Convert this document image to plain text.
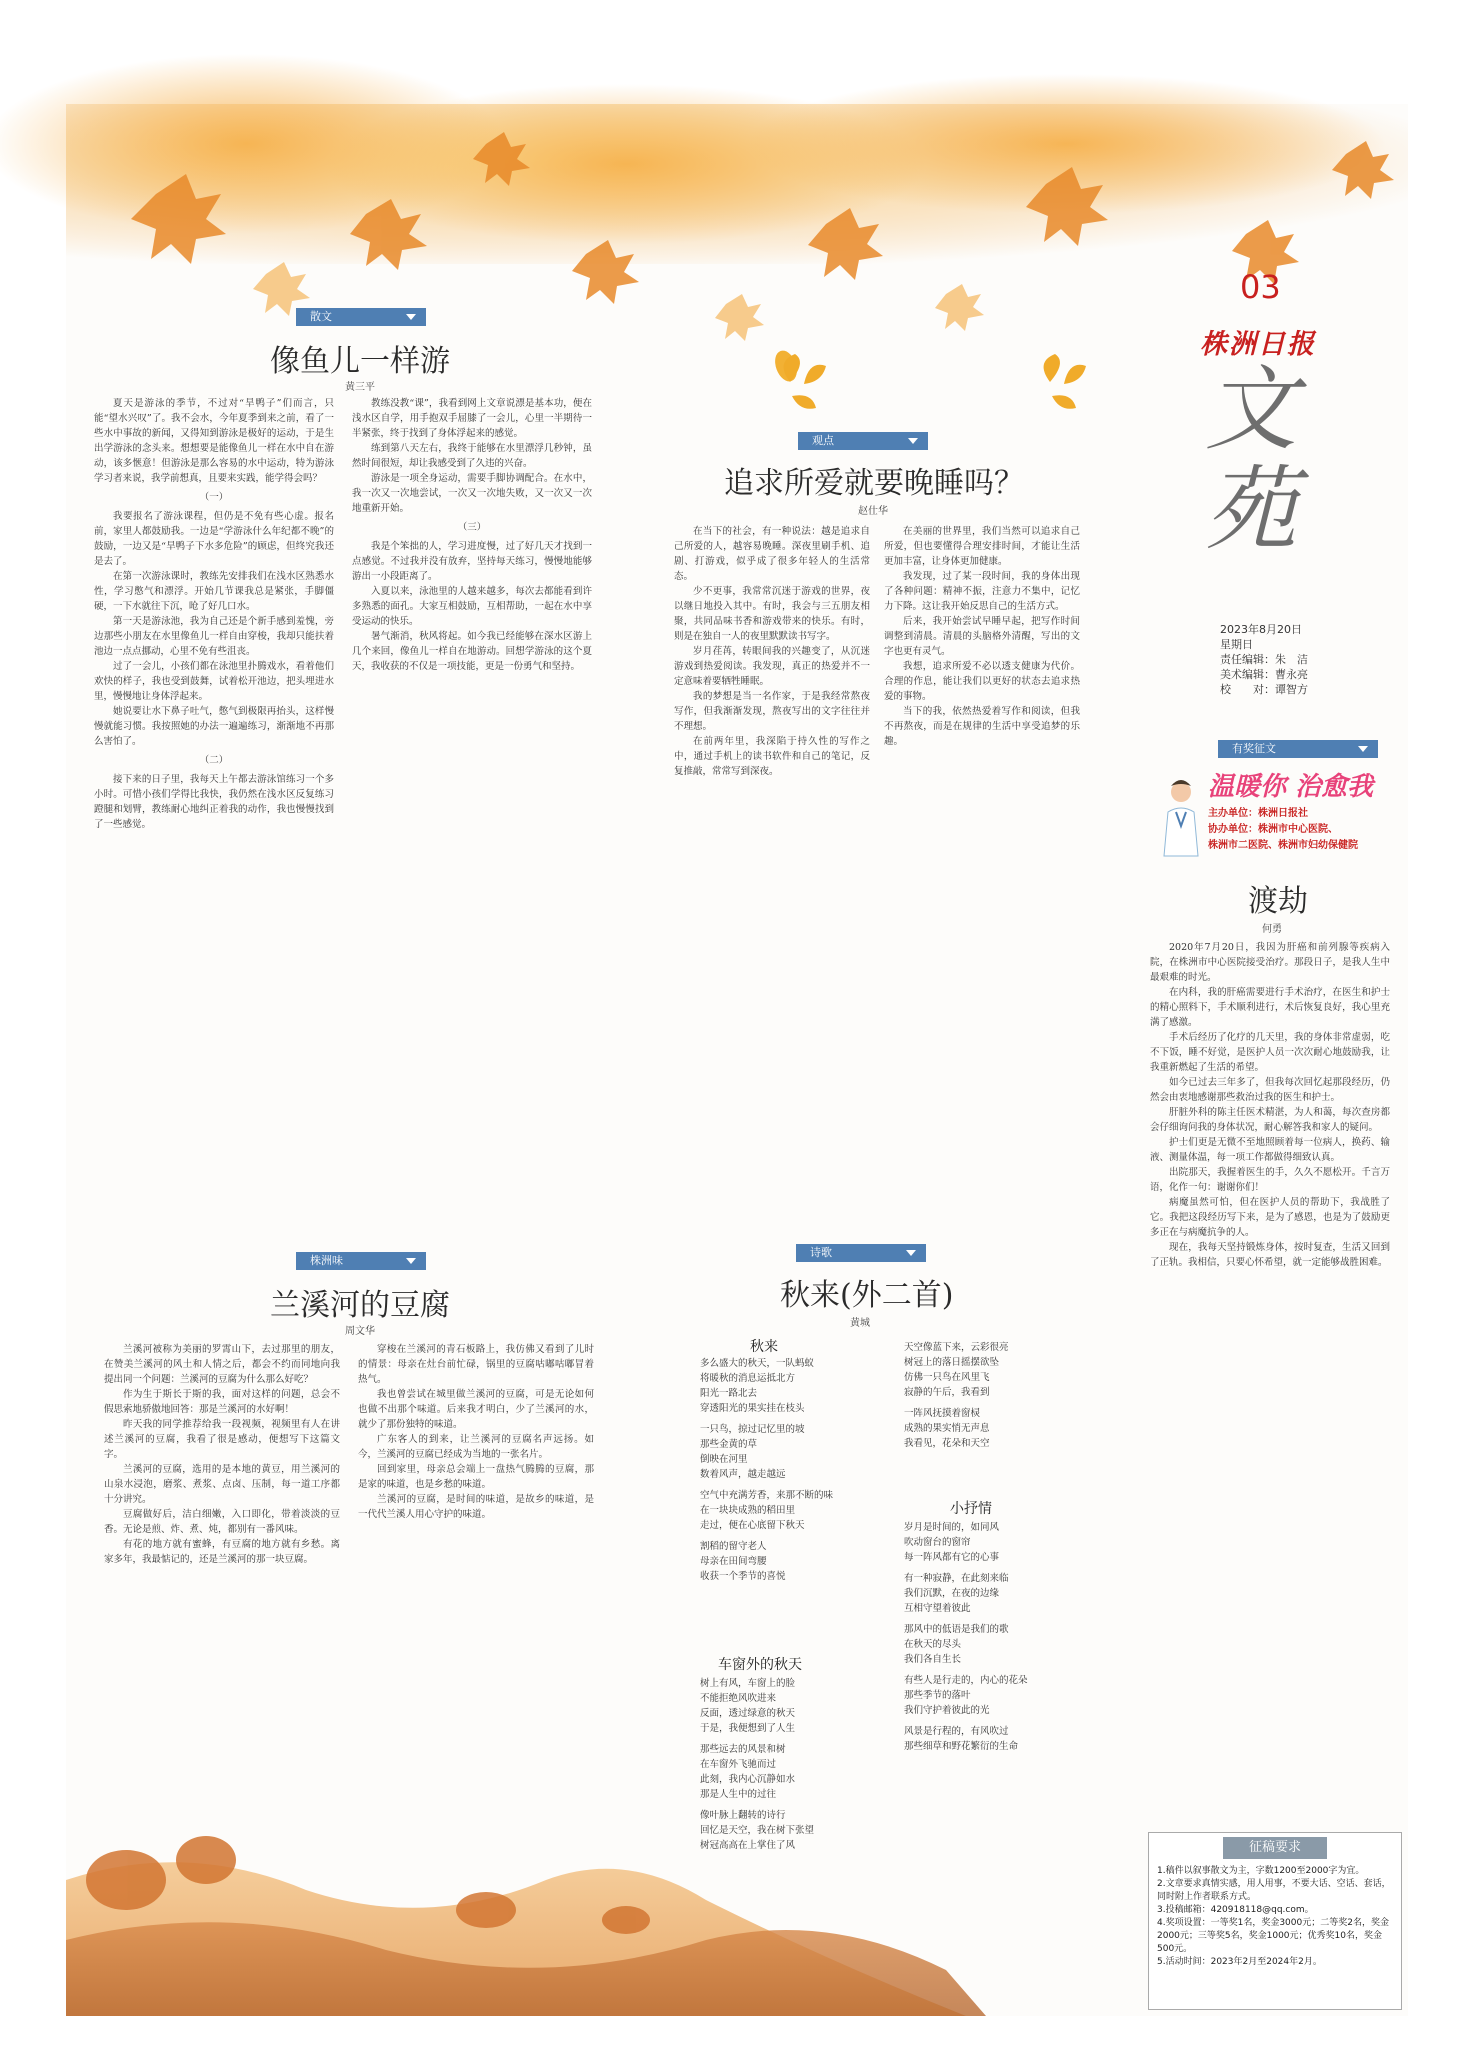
03
株洲日报
文苑
2023年8月20日
星期日
责任编辑：朱　洁
美术编辑：曹永亮
校　　对：谭智方
散文
像鱼儿一样游
黄三平

夏天是游泳的季节，不过对“旱鸭子”们而言，只能“望水兴叹”了。我不会水，今年夏季到来之前，看了一些水中事故的新闻，又得知到游泳是极好的运动，于是生出学游泳的念头来。想想要是能像鱼儿一样在水中自在游动，该多惬意！但游泳是那么容易的水中运动，特为游泳学习者来说，我学前想真，且要来实践，能学得会吗？

（一）

我要报名了游泳课程，但仍是不免有些心虚。报名前，家里人都鼓励我。一边是“学游泳什么年纪都不晚”的鼓励，一边又是“旱鸭子下水多危险”的顾虑，但终究我还是去了。

在第一次游泳课时，教练先安排我们在浅水区熟悉水性，学习憋气和漂浮。开始几节课我总是紧张，手脚僵硬，一下水就往下沉，呛了好几口水。

第一天是游泳池，我为自己还是个新手感到羞愧，旁边那些小朋友在水里像鱼儿一样自由穿梭，我却只能扶着池边一点点挪动，心里不免有些沮丧。

过了一会儿，小孩们都在泳池里扑腾戏水，看着他们欢快的样子，我也受到鼓舞，试着松开池边，把头埋进水里，慢慢地让身体浮起来。

她说要让水下鼻子吐气，憋气到极限再抬头，这样慢慢就能习惯。我按照她的办法一遍遍练习，渐渐地不再那么害怕了。

（二）

接下来的日子里，我每天上午都去游泳馆练习一个多小时。可惜小孩们学得比我快，我仍然在浅水区反复练习蹬腿和划臂，教练耐心地纠正着我的动作，我也慢慢找到了一些感觉。

教练没教“课”，我看到网上文章说漂是基本功，便在浅水区自学，用手抱双手屈膝了一会儿，心里一半期待一半紧张，终于找到了身体浮起来的感觉。

练到第八天左右，我终于能够在水里漂浮几秒钟，虽然时间很短，却让我感受到了久违的兴奋。

游泳是一项全身运动，需要手脚协调配合。在水中，我一次又一次地尝试，一次又一次地失败，又一次又一次地重新开始。

（三）

我是个笨拙的人，学习进度慢，过了好几天才找到一点感觉。不过我并没有放弃，坚持每天练习，慢慢地能够游出一小段距离了。

入夏以来，泳池里的人越来越多，每次去都能看到许多熟悉的面孔。大家互相鼓励，互相帮助，一起在水中享受运动的快乐。

暑气渐消，秋风将起。如今我已经能够在深水区游上几个来回，像鱼儿一样自在地游动。回想学游泳的这个夏天，我收获的不仅是一项技能，更是一份勇气和坚持。

观点
追求所爱就要晚睡吗？
赵仕华

在当下的社会，有一种说法：越是追求自己所爱的人，越容易晚睡。深夜里刷手机、追剧、打游戏，似乎成了很多年轻人的生活常态。

少不更事，我常常沉迷于游戏的世界，夜以继日地投入其中。有时，我会与三五朋友相聚，共同品味书香和游戏带来的快乐。有时，则是在独自一人的夜里默默读书写字。

岁月荏苒，转眼间我的兴趣变了，从沉迷游戏到热爱阅读。我发现，真正的热爱并不一定意味着要牺牲睡眠。

我的梦想是当一名作家，于是我经常熬夜写作，但我渐渐发现，熬夜写出的文字往往并不理想。

在前两年里，我深陷于持久性的写作之中，通过手机上的读书软件和自己的笔记，反复推敲，常常写到深夜。

在美丽的世界里，我们当然可以追求自己所爱，但也要懂得合理安排时间，才能让生活更加丰富，让身体更加健康。

我发现，过了某一段时间，我的身体出现了各种问题：精神不振，注意力不集中，记忆力下降。这让我开始反思自己的生活方式。

后来，我开始尝试早睡早起，把写作时间调整到清晨。清晨的头脑格外清醒，写出的文字也更有灵气。

我想，追求所爱不必以透支健康为代价。合理的作息，能让我们以更好的状态去追求热爱的事物。

当下的我，依然热爱着写作和阅读，但我不再熬夜，而是在规律的生活中享受追梦的乐趣。

有奖征文
温暖你 治愈我
主办单位：株洲日报社
协办单位：株洲市中心医院、
株洲市二医院、株洲市妇幼保健院
渡劫
何勇

2020年7月20日，我因为肝癌和前列腺等疾病入院，在株洲市中心医院接受治疗。那段日子，是我人生中最艰难的时光。

在内科，我的肝癌需要进行手术治疗，在医生和护士的精心照料下，手术顺利进行，术后恢复良好，我心里充满了感激。

手术后经历了化疗的几天里，我的身体非常虚弱，吃不下饭，睡不好觉，是医护人员一次次耐心地鼓励我，让我重新燃起了生活的希望。

如今已过去三年多了，但我每次回忆起那段经历，仍然会由衷地感谢那些救治过我的医生和护士。

肝脏外科的陈主任医术精湛，为人和蔼，每次查房都会仔细询问我的身体状况，耐心解答我和家人的疑问。

护士们更是无微不至地照顾着每一位病人，换药、输液、测量体温，每一项工作都做得细致认真。

出院那天，我握着医生的手，久久不愿松开。千言万语，化作一句：谢谢你们！

病魔虽然可怕，但在医护人员的帮助下，我战胜了它。我把这段经历写下来，是为了感恩，也是为了鼓励更多正在与病魔抗争的人。

现在，我每天坚持锻炼身体，按时复查，生活又回到了正轨。我相信，只要心怀希望，就一定能够战胜困难。

株洲味
兰溪河的豆腐
周文华

兰溪河被称为美丽的罗霄山下，去过那里的朋友，在赞美兰溪河的风土和人情之后，都会不约而同地向我提出同一个问题：兰溪河的豆腐为什么那么好吃？

作为生于斯长于斯的我，面对这样的问题，总会不假思索地骄傲地回答：那是兰溪河的水好啊！

昨天我的同学推荐给我一段视频，视频里有人在讲述兰溪河的豆腐，我看了很是感动，便想写下这篇文字。

兰溪河的豆腐，选用的是本地的黄豆，用兰溪河的山泉水浸泡，磨浆、煮浆、点卤、压制，每一道工序都十分讲究。

豆腐做好后，洁白细嫩，入口即化，带着淡淡的豆香。无论是煎、炸、煮、炖，都别有一番风味。

有花的地方就有蜜蜂，有豆腐的地方就有乡愁。离家多年，我最惦记的，还是兰溪河的那一块豆腐。

穿梭在兰溪河的青石板路上，我仿佛又看到了儿时的情景：母亲在灶台前忙碌，锅里的豆腐咕嘟咕嘟冒着热气。

我也曾尝试在城里做兰溪河的豆腐，可是无论如何也做不出那个味道。后来我才明白，少了兰溪河的水，就少了那份独特的味道。

广东客人的到来，让兰溪河的豆腐名声远扬。如今，兰溪河的豆腐已经成为当地的一张名片。

回到家里，母亲总会端上一盘热气腾腾的豆腐，那是家的味道，也是乡愁的味道。

兰溪河的豆腐，是时间的味道，是故乡的味道，是一代代兰溪人用心守护的味道。

诗歌
秋来(外二首)
黄城
秋来

多么盛大的秋天，一队蚂蚁
将暖秋的消息运抵北方
阳光一路北去
穿透阳光的果实挂在枝头

一只鸟，掠过记忆里的坡
那些金黄的草
倒映在河里
数着风声，越走越远

空气中充满芳香，来那不断的味
在一块块成熟的稻田里
走过，便在心底留下秋天

割稻的留守老人
母亲在田间弯腰
收获一个季节的喜悦

车窗外的秋天

树上有风，车窗上的脸
不能拒绝风吹进来
反面，透过绿意的秋天
于是，我便想到了人生

那些远去的风景和树
在车窗外飞驰而过
此刻，我内心沉静如水
那是人生中的过往

像叶脉上翻转的诗行
回忆是天空，我在树下张望
树冠高高在上掌住了风

天空像蓝下来，云彩很亮
树冠上的落日摇摆欲坠
仿佛一只鸟在风里飞
寂静的午后，我看到

一阵风抚摸着窗棂
成熟的果实悄无声息
我看见，花朵和天空

小抒情

岁月是时间的，如同风
吹动窗台的窗帘
每一阵风都有它的心事

有一种寂静，在此刻来临
我们沉默，在夜的边缘
互相守望着彼此

那风中的低语是我们的歌
在秋天的尽头
我们各自生长

有些人是行走的，内心的花朵
那些季节的落叶
我们守护着彼此的光

风景是行程的，有风吹过
那些细草和野花繁衍的生命

征稿要求

1.稿件以叙事散文为主，字数1200至2000字为宜。

2.文章要求真情实感，用人用事，不要大话、空话、套话，同时附上作者联系方式。

3.投稿邮箱：420918118@qq.com。

4.奖项设置：一等奖1名，奖金3000元；二等奖2名，奖金2000元；三等奖5名，奖金1000元；优秀奖10名，奖金500元。

5.活动时间：2023年2月至2024年2月。
